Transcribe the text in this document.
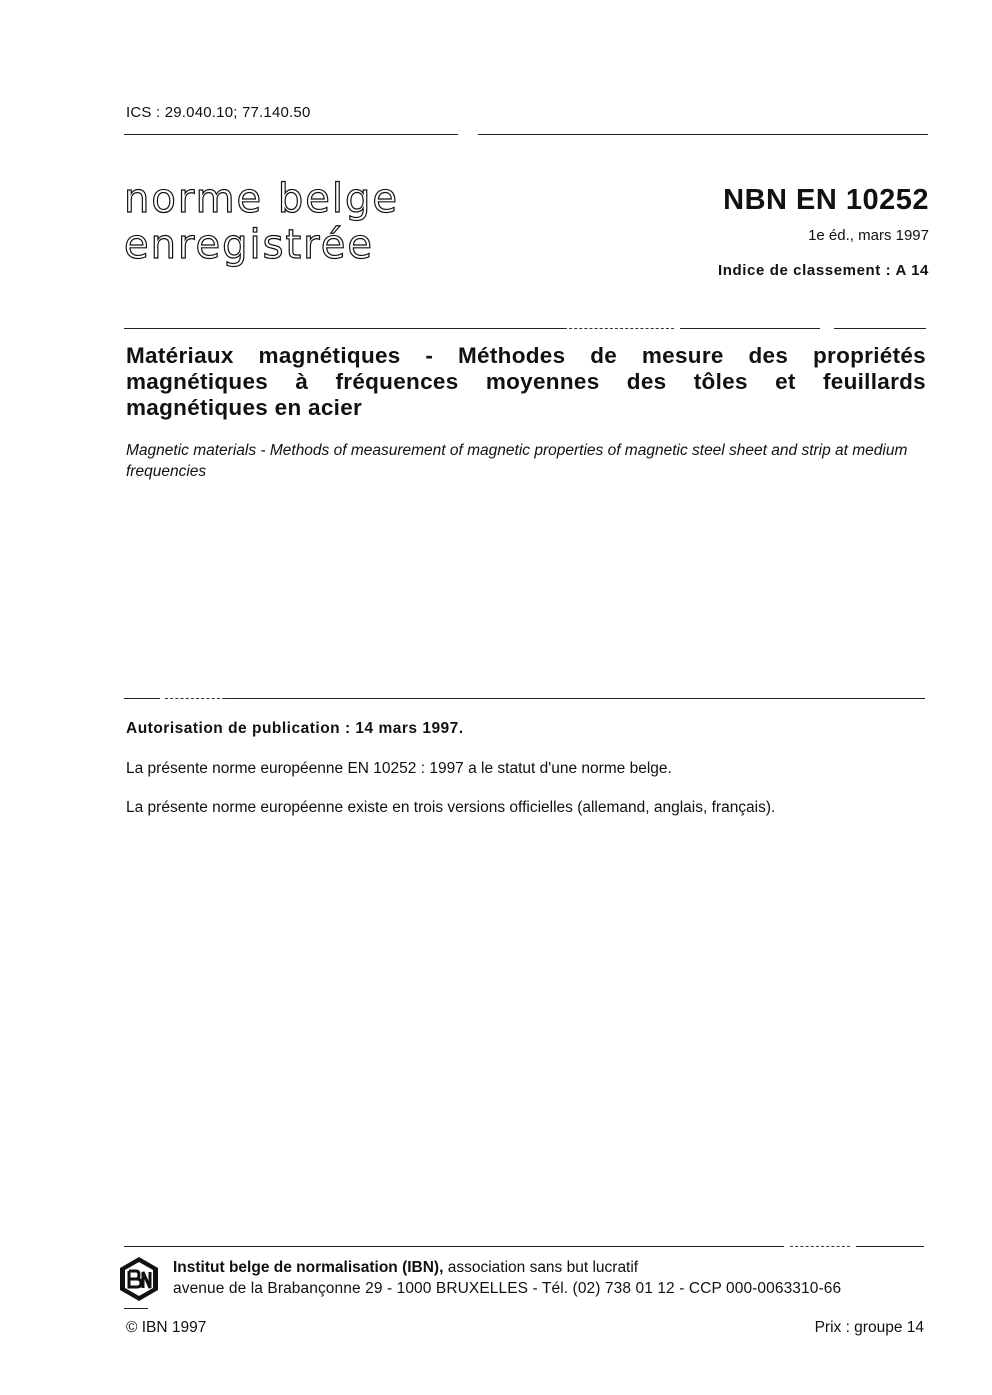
ICS : 29.040.10; 77.140.50
norme belge
enregistrée
NBN EN 10252
1e éd., mars 1997
Indice de classement : A 14
Matériaux magnétiques - Méthodes de mesure des propriétés magnétiques à fréquences moyennes des tôles et feuillards magnétiques en acier
Magnetic materials - Methods of measurement of magnetic properties of magnetic steel sheet and strip at medium frequencies
Autorisation de publication : 14 mars 1997.
La présente norme européenne EN 10252 : 1997 a le statut d'une norme belge.
La présente norme européenne existe en trois versions officielles (allemand, anglais, français).
Institut belge de normalisation (IBN), association sans but lucratif
avenue de la Brabançonne 29 - 1000 BRUXELLES - Tél. (02) 738 01 12 - CCP 000-0063310-66
© IBN 1997	Prix : groupe 14
